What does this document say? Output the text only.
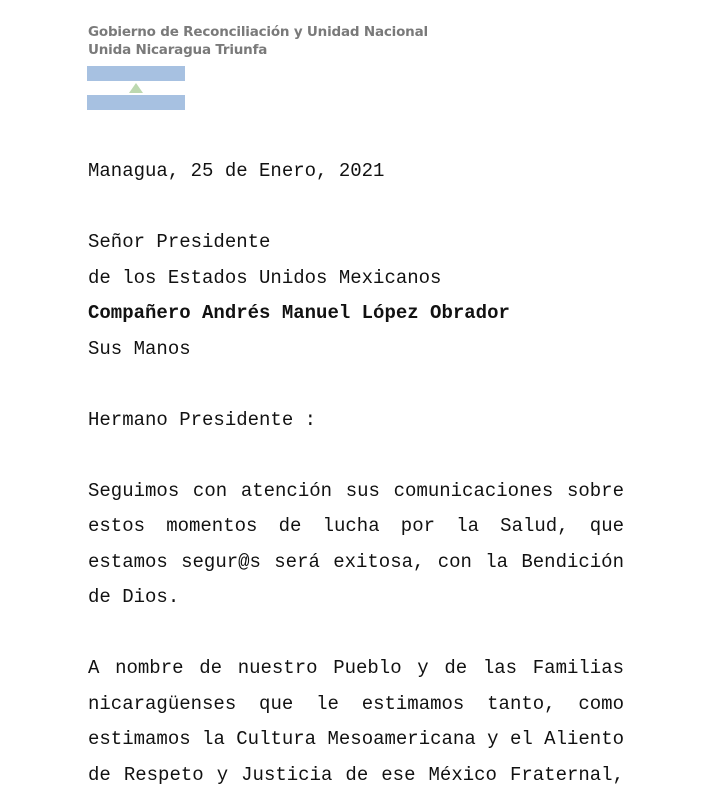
Gobierno de Reconciliación y Unidad Nacional
Unida Nicaragua Triunfa
Managua, 25 de Enero, 2021
Señor Presidente
de los Estados Unidos Mexicanos
Compañero Andrés Manuel López Obrador
Sus Manos
Hermano Presidente :
Seguimos con atención sus comunicaciones sobre
estos momentos de lucha por la Salud, que
estamos segur@s será exitosa, con la Bendición
de Dios.
A nombre de nuestro Pueblo y de las Familias
nicaragüenses que le estimamos tanto, como
estimamos la Cultura Mesoamericana y el Aliento
de Respeto y Justicia de ese México Fraternal,
